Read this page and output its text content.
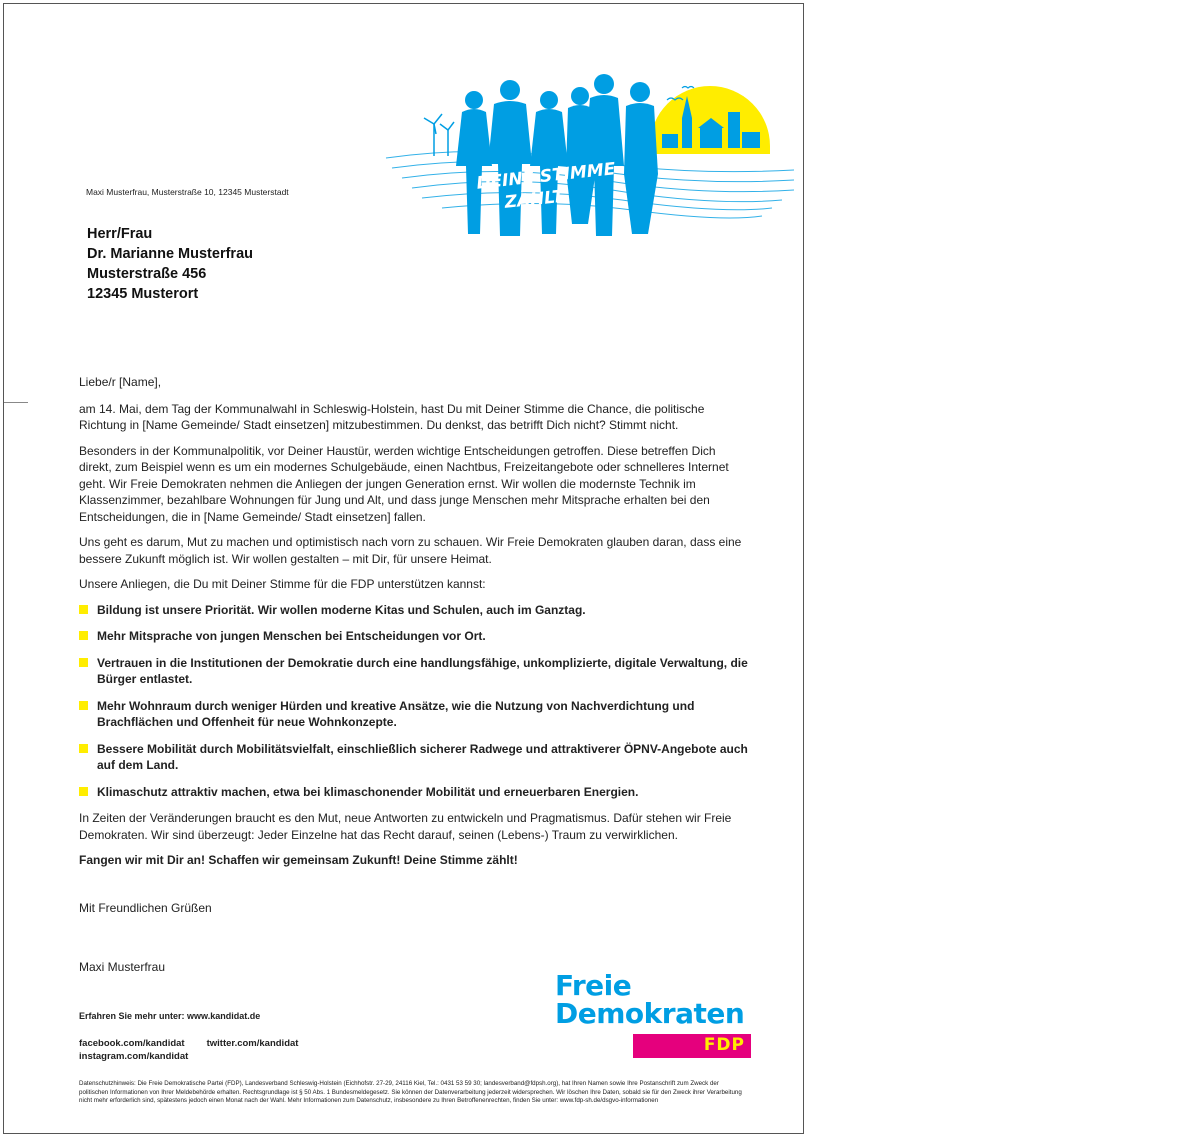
DEINE STIMME
ZÄHLT.
Maxi Musterfrau, Musterstraße 10, 12345 Musterstadt
Herr/Frau
Dr. Marianne Musterfrau
Musterstraße 456
12345 Musterort

Liebe/r [Name],

am 14. Mai, dem Tag der Kommunalwahl in Schleswig-Holstein, hast Du mit Deiner Stimme die Chance, die politische Richtung in [Name Gemeinde/ Stadt einsetzen] mitzubestimmen. Du denkst, das betrifft Dich nicht? Stimmt nicht.

Besonders in der Kommunalpolitik, vor Deiner Haustür, werden wichtige Entscheidungen getroffen. Diese betreffen Dich direkt, zum Beispiel wenn es um ein modernes Schulgebäude, einen Nachtbus, Freizeitangebote oder schnelleres Internet geht. Wir Freie Demokraten nehmen die Anliegen der jungen Generation ernst. Wir wollen die modernste Technik im Klassenzimmer, bezahlbare Wohnungen für Jung und Alt, und dass junge Menschen mehr Mitsprache erhalten bei den Entscheidungen, die in [Name Gemeinde/ Stadt einsetzen] fallen.

Uns geht es darum, Mut zu machen und optimistisch nach vorn zu schauen. Wir Freie Demokraten glauben daran, dass eine bessere Zukunft möglich ist. Wir wollen gestalten – mit Dir, für unsere Heimat.

Unsere Anliegen, die Du mit Deiner Stimme für die FDP unterstützen kannst:

Bildung ist unsere Priorität. Wir wollen moderne Kitas und Schulen, auch im Ganztag.
Mehr Mitsprache von jungen Menschen bei Entscheidungen vor Ort.
Vertrauen in die Institutionen der Demokratie durch eine handlungsfähige, unkomplizierte, digitale Verwaltung, die Bürger entlastet.
Mehr Wohnraum durch weniger Hürden und kreative Ansätze, wie die Nutzung von Nachverdichtung und Brachflächen und Offenheit für neue Wohnkonzepte.
Bessere Mobilität durch Mobilitätsvielfalt, einschließlich sicherer Radwege und attraktiverer ÖPNV-Angebote auch auf dem Land.
Klimaschutz attraktiv machen, etwa bei klimaschonender Mobilität und erneuerbaren Energien.

In Zeiten der Veränderungen braucht es den Mut, neue Antworten zu entwickeln und Pragmatismus. Dafür stehen wir Freie Demokraten. Wir sind überzeugt: Jeder Einzelne hat das Recht darauf, seinen (Lebens-) Traum zu verwirklichen.

Fangen wir mit Dir an! Schaffen wir gemeinsam Zukunft! Deine Stimme zählt!

Mit Freundlichen Grüßen
Maxi Musterfrau
Erfahren Sie mehr unter: www.kandidat.de
facebook.com/kandidat twitter.com/kandidat
instagram.com/kandidat
Freie
Demokraten
FDP
Datenschutzhinweis: Die Freie Demokratische Partei (FDP), Landesverband Schleswig-Holstein (Eichhofstr. 27-29, 24116 Kiel, Tel.: 0431 53 59 30; landesverband@fdpsh.org), hat Ihren Namen sowie Ihre Postanschrift zum Zweck der politischen Informationen von Ihrer Meldebehörde erhalten. Rechtsgrundlage ist § 50 Abs. 1 Bundesmeldegesetz. Sie können der Datenverarbeitung jederzeit widersprechen. Wir löschen Ihre Daten, sobald sie für den Zweck ihrer Verarbeitung nicht mehr erforderlich sind, spätestens jedoch einen Monat nach der Wahl. Mehr Informationen zum Datenschutz, insbesondere zu Ihren Betroffenenrechten, finden Sie unter: www.fdp-sh.de/dsgvo-informationen
